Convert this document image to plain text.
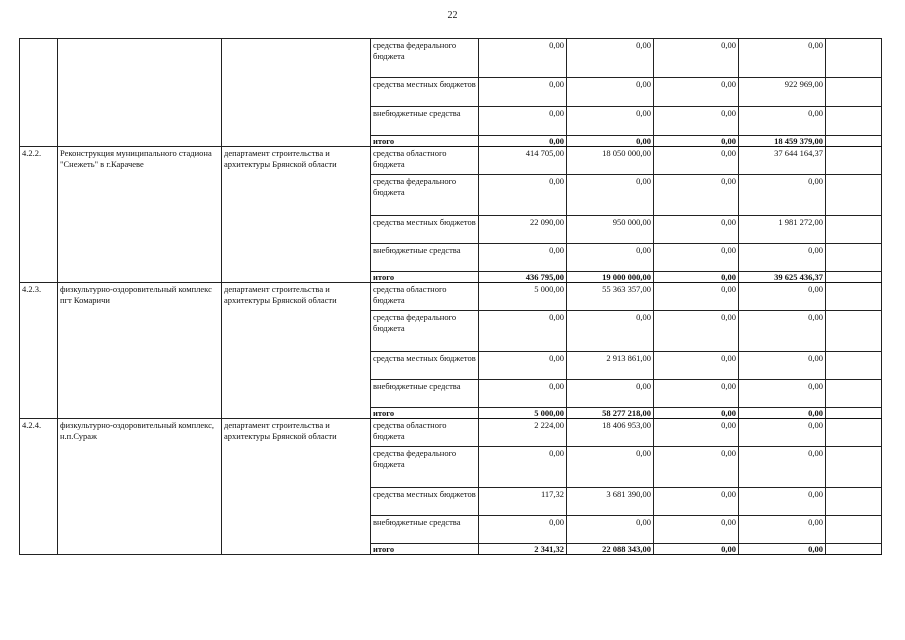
22
			средства федерального бюджета	0,00	0,00	0,00	0,00	
			средства местных бюджетов	0,00	0,00	0,00	922 969,00	
			внебюджетные средства	0,00	0,00	0,00	0,00	
			итого	0,00	0,00	0,00	18 459 379,00	
4.2.2.	Реконструкция муниципального стадиона "Снежеть" в г.Карачеве	департамент строительства и архитектуры Брянской области	средства областного бюджета	414 705,00	18 050 000,00	0,00	37 644 164,37	
			средства федерального бюджета	0,00	0,00	0,00	0,00	
			средства местных бюджетов	22 090,00	950 000,00	0,00	1 981 272,00	
			внебюджетные средства	0,00	0,00	0,00	0,00	
			итого	436 795,00	19 000 000,00	0,00	39 625 436,37	
4.2.3.	физкультурно-оздоровительный комплекс пгт Комаричи	департамент строительства и архитектуры Брянской области	средства областного бюджета	5 000,00	55 363 357,00	0,00	0,00	
			средства федерального бюджета	0,00	0,00	0,00	0,00	
			средства местных бюджетов	0,00	2 913 861,00	0,00	0,00	
			внебюджетные средства	0,00	0,00	0,00	0,00	
			итого	5 000,00	58 277 218,00	0,00	0,00	
4.2.4.	физкультурно-оздоровительный комплекс, н.п.Сураж	департамент строительства и архитектуры Брянской области	средства областного бюджета	2 224,00	18 406 953,00	0,00	0,00	
			средства федерального бюджета	0,00	0,00	0,00	0,00	
			средства местных бюджетов	117,32	3 681 390,00	0,00	0,00	
			внебюджетные средства	0,00	0,00	0,00	0,00	
			итого	2 341,32	22 088 343,00	0,00	0,00	
